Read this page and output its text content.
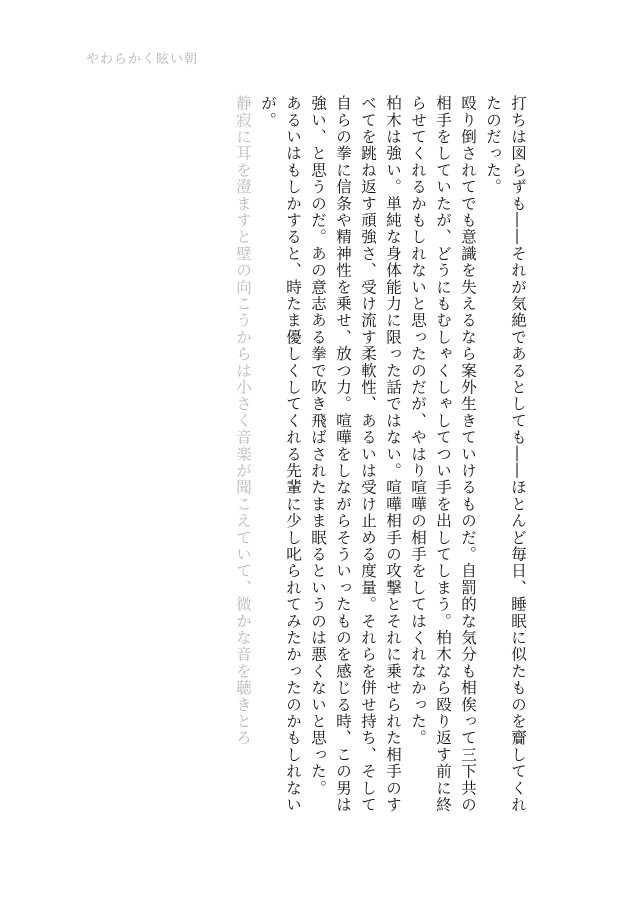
やわらかく眩い朝

打ちは図らずも――それが気絶であるとしても――ほとんど毎日、睡眠に似たものを齎してくれたのだった。

殴り倒されてでも意識を失えるなら案外生きていけるものだ。自罰的な気分も相俟って三下共の相手をしていたが、どうにもむしゃくしゃしてつい手を出してしまう。柏木なら殴り返す前に終らせてくれるかもしれないと思ったのだが、やはり喧嘩の相手をしてはくれなかった。

柏木は強い。単純な身体能力に限った話ではない。喧嘩相手の攻撃とそれに乗せられた相手のすべてを跳ね返す頑強さ、受け流す柔軟性、あるいは受け止める度量。それらを併せ持ち、そして自らの拳に信条や精神性を乗せ、放つ力。喧嘩をしながらそういったものを感じる時、この男は強い、と思うのだ。あの意志ある拳で吹き飛ばされたまま眠るというのは悪くないと思った。

あるいはもしかすると、時たま優しくしてくれる先輩に少し叱られてみたかったのかもしれないが。

静寂に耳を澄ますと壁の向こうからは小さく音楽が聞こえていて、微かな音を聴きとろ
